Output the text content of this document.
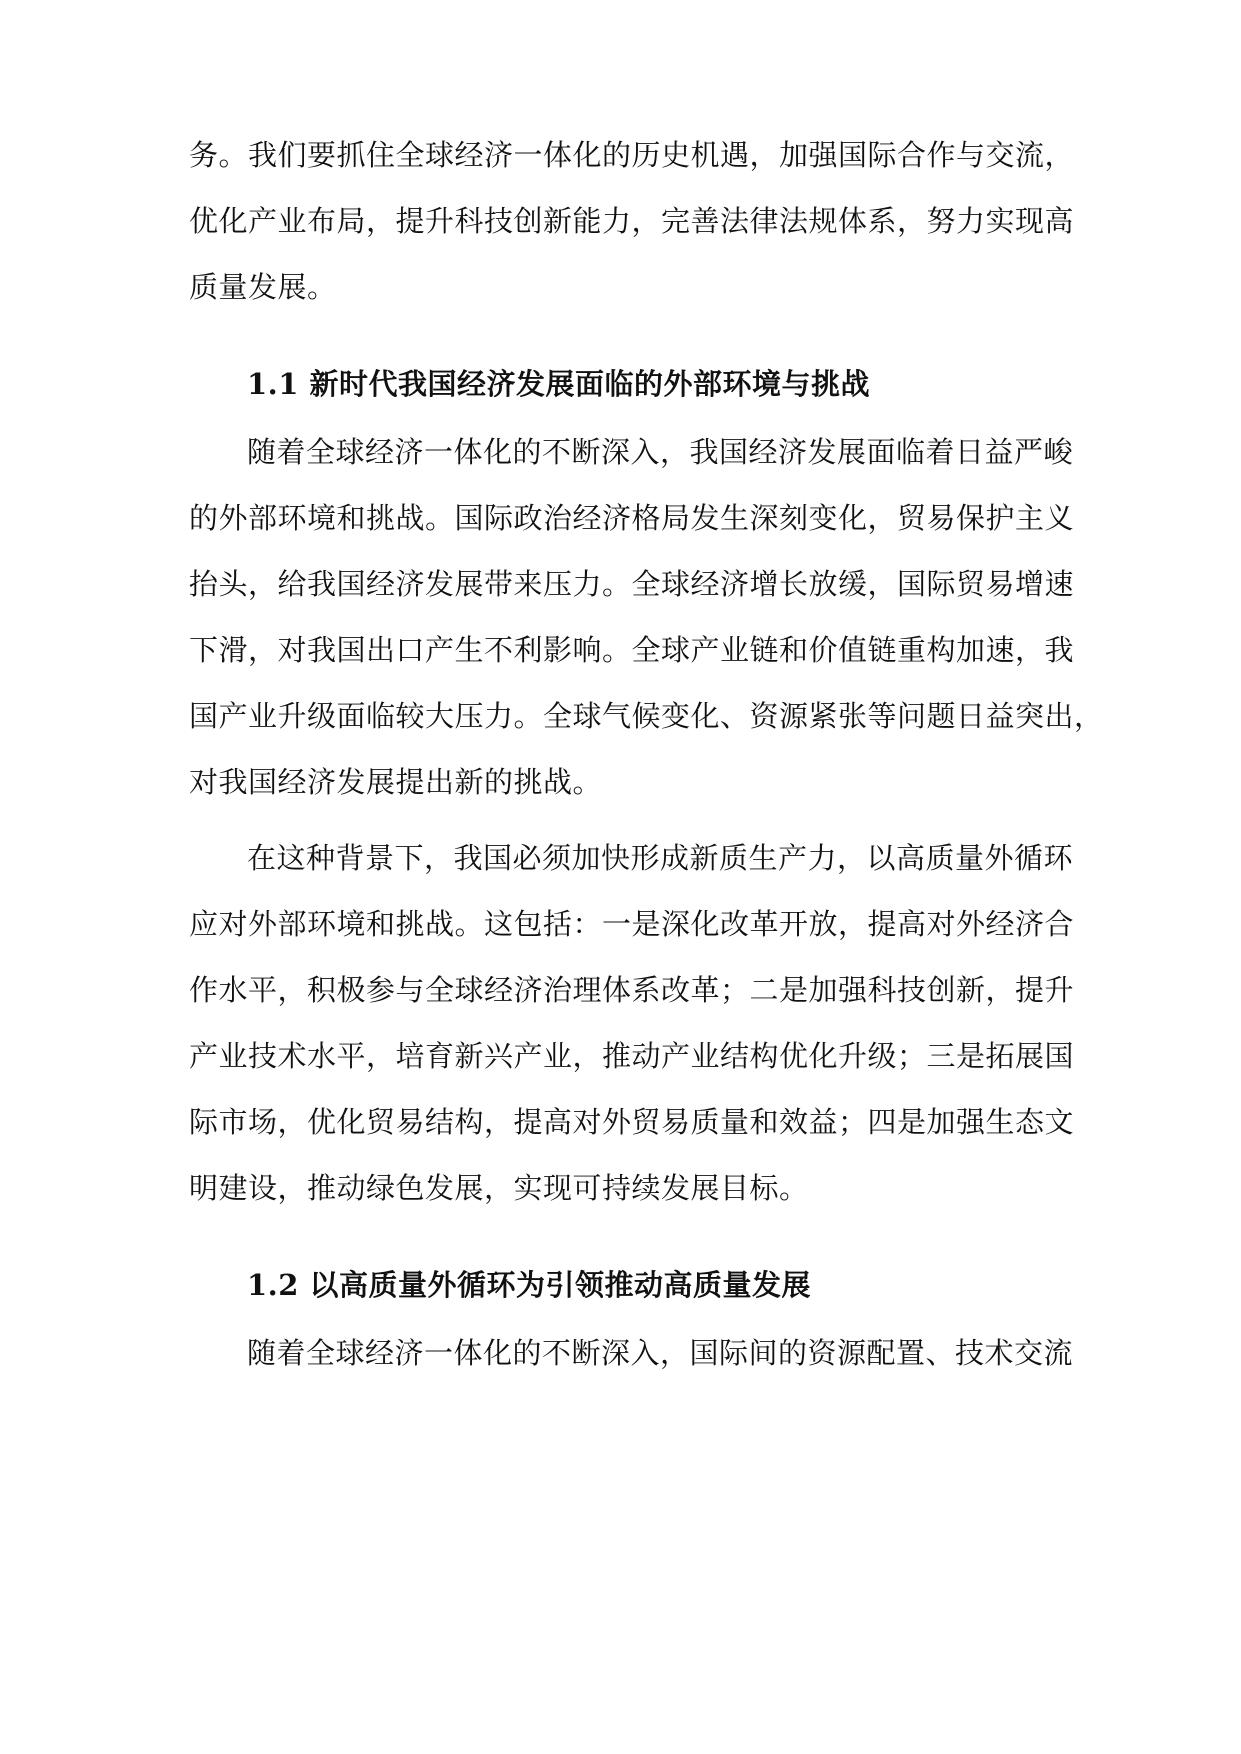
务。我们要抓住全球经济一体化的历史机遇，加强国际合作与交流，
优化产业布局，提升科技创新能力，完善法律法规体系，努力实现高
质量发展。
1.1 新时代我国经济发展面临的外部环境与挑战
随着全球经济一体化的不断深入，我国经济发展面临着日益严峻
的外部环境和挑战。国际政治经济格局发生深刻变化，贸易保护主义
抬头，给我国经济发展带来压力。全球经济增长放缓，国际贸易增速
下滑，对我国出口产生不利影响。全球产业链和价值链重构加速，我
国产业升级面临较大压力。全球气候变化、资源紧张等问题日益突出，
对我国经济发展提出新的挑战。
在这种背景下，我国必须加快形成新质生产力，以高质量外循环
应对外部环境和挑战。这包括：一是深化改革开放，提高对外经济合
作水平，积极参与全球经济治理体系改革；二是加强科技创新，提升
产业技术水平，培育新兴产业，推动产业结构优化升级；三是拓展国
际市场，优化贸易结构，提高对外贸易质量和效益；四是加强生态文
明建设，推动绿色发展，实现可持续发展目标。
1.2 以高质量外循环为引领推动高质量发展
随着全球经济一体化的不断深入，国际间的资源配置、技术交流
